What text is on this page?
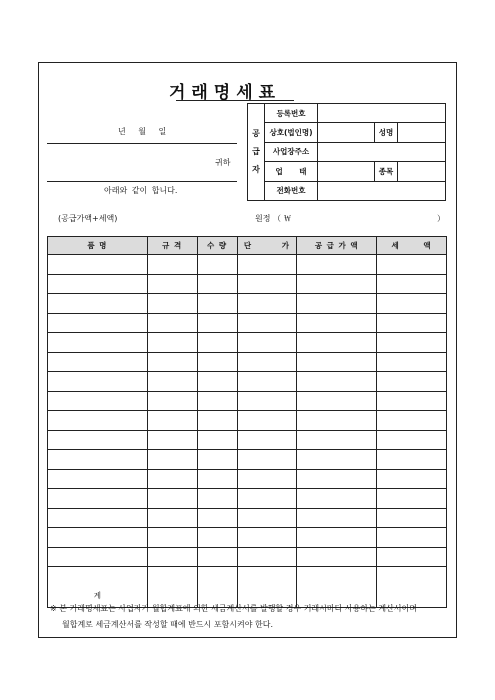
거래명세표
년 월 일
귀하
아래와 같이 합니다.
공
급
자	등록번호			
	상호(법인명)		성명	
	사업장주소			
	업 태		종목	
	전화번호			
(공급가액+세액)	원정 （ ￦	）
품 명	규 격	수 량	단 가	공 급 가 액	세 액

계					
※ 본 거래명세표는 사업자가 월합계표에 의한 세금계산서를 발행할 경우 거래시마다 사용하는 계산서이며
월합계로 세금계산서를 작성할 때에 반드시 포함시켜야 한다.
